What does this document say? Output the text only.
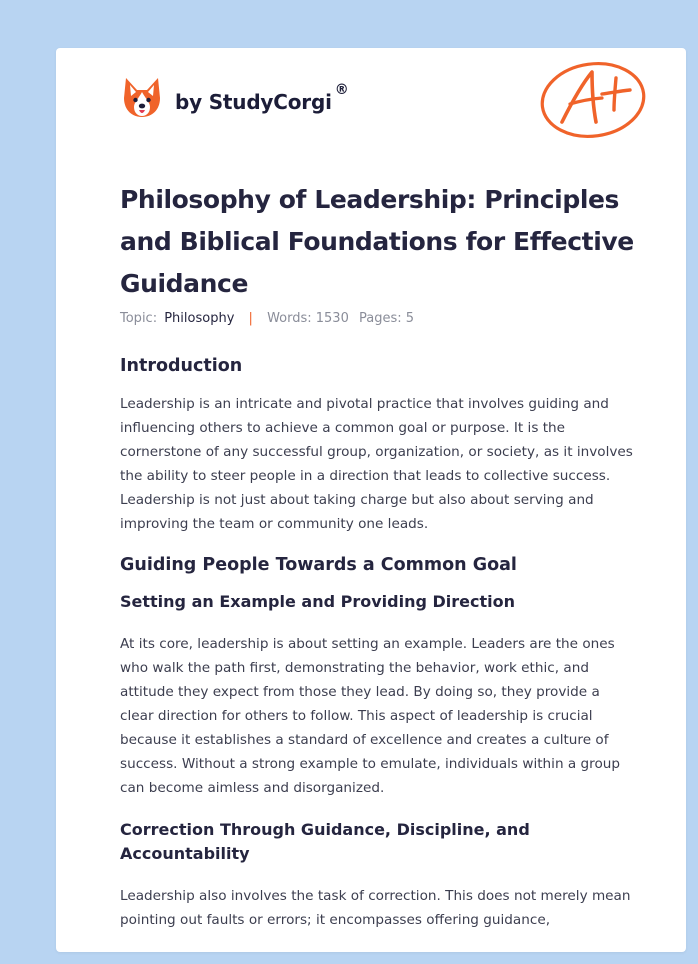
by StudyCorgi ®
Philosophy of Leadership: Principles and Biblical Foundations for Effective Guidance
Topic: Philosophy | Words: 1530 Pages: 5
Introduction

Leadership is an intricate and pivotal practice that involves guiding and influencing others to achieve a common goal or purpose. It is the cornerstone of any successful group, organization, or society, as it involves the ability to steer people in a direction that leads to collective success. Leadership is not just about taking charge but also about serving and improving the team or community one leads.

Guiding People Towards a Common Goal
Setting an Example and Providing Direction

At its core, leadership is about setting an example. Leaders are the ones who walk the path first, demonstrating the behavior, work ethic, and attitude they expect from those they lead. By doing so, they provide a clear direction for others to follow. This aspect of leadership is crucial because it establishes a standard of excellence and creates a culture of success. Without a strong example to emulate, individuals within a group can become aimless and disorganized.

Correction Through Guidance, Discipline, and Accountability

Leadership also involves the task of correction. This does not merely mean pointing out faults or errors; it encompasses offering guidance,
